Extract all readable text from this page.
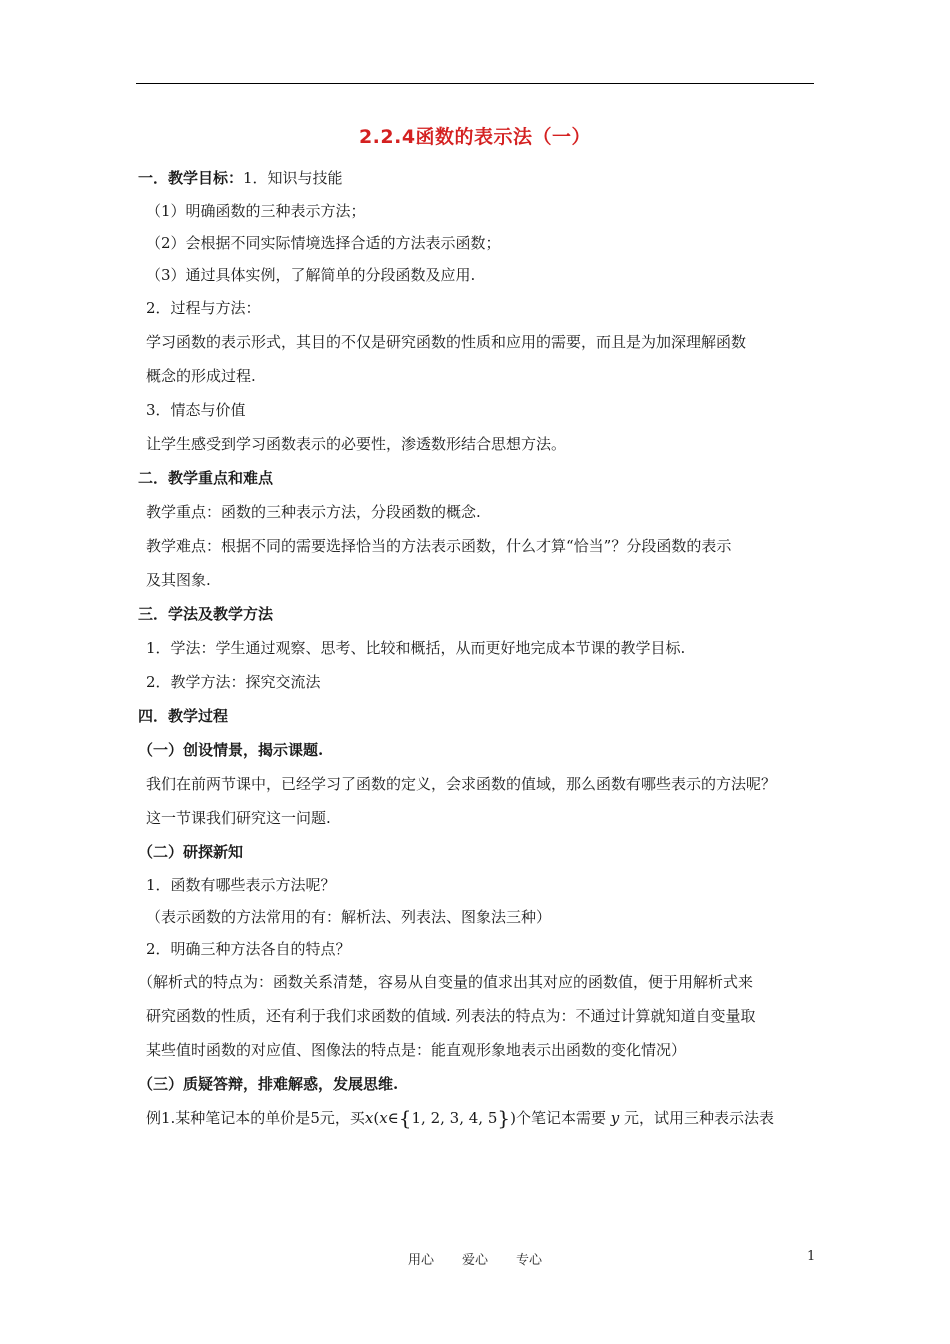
2.2.4函数的表示法（一）
一．教学目标：1．知识与技能
（1）明确函数的三种表示方法；
（2）会根据不同实际情境选择合适的方法表示函数；
（3）通过具体实例，了解简单的分段函数及应用.
2．过程与方法：
学习函数的表示形式，其目的不仅是研究函数的性质和应用的需要，而且是为加深理解函数
概念的形成过程.
3．情态与价值
让学生感受到学习函数表示的必要性，渗透数形结合思想方法。
二．教学重点和难点
教学重点：函数的三种表示方法，分段函数的概念.
教学难点：根据不同的需要选择恰当的方法表示函数，什么才算“恰当”？分段函数的表示
及其图象.
三．学法及教学方法
1．学法：学生通过观察、思考、比较和概括，从而更好地完成本节课的教学目标.
2．教学方法：探究交流法
四．教学过程
（一）创设情景，揭示课题.
我们在前两节课中，已经学习了函数的定义，会求函数的值域，那么函数有哪些表示的方法呢？
这一节课我们研究这一问题.
（二）研探新知
1．函数有哪些表示方法呢？
（表示函数的方法常用的有：解析法、列表法、图象法三种）
2．明确三种方法各自的特点？
（解析式的特点为：函数关系清楚，容易从自变量的值求出其对应的函数值，便于用解析式来
研究函数的性质，还有利于我们求函数的值域. 列表法的特点为：不通过计算就知道自变量取
某些值时函数的对应值、图像法的特点是：能直观形象地表示出函数的变化情况）
（三）质疑答辩，排难解惑，发展思维.
例1.某种笔记本的单价是5元，买x(x∈{1, 2, 3, 4, 5})个笔记本需要 y 元，试用三种表示法表
用心 爱心 专心	1
